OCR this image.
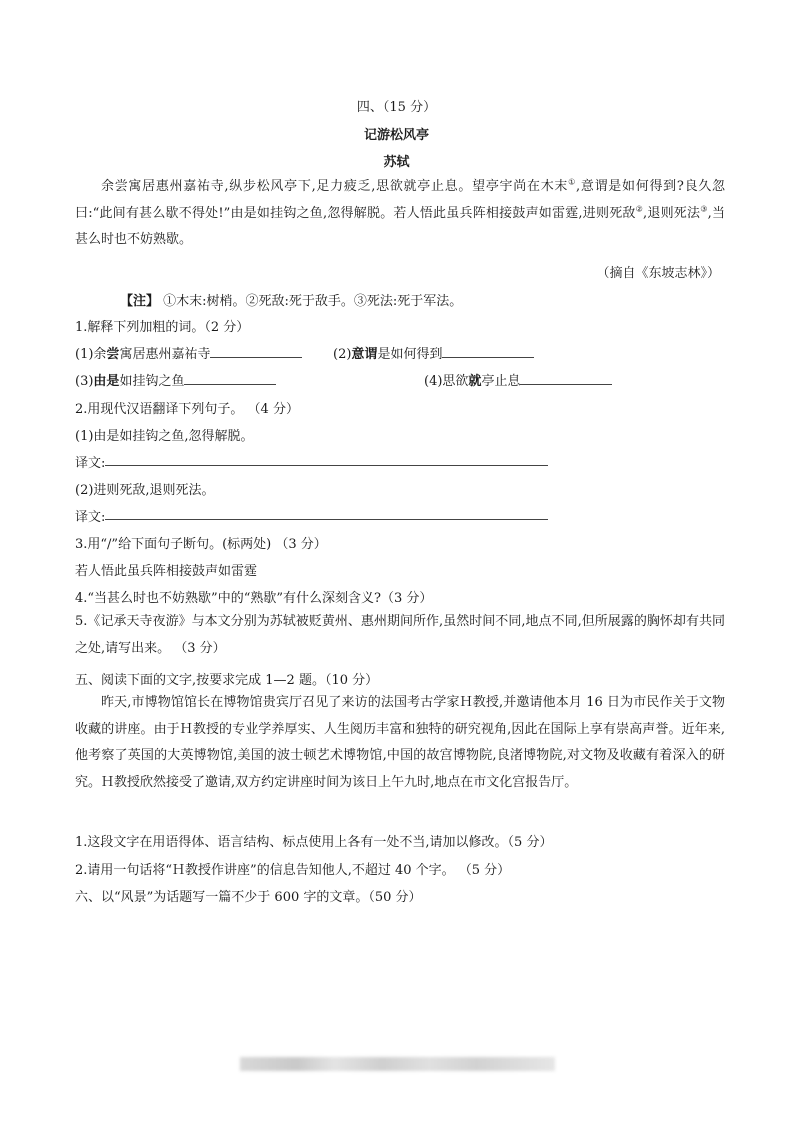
四、（15 分）
记游松风亭
苏轼
余尝寓居惠州嘉祐寺,纵步松风亭下,足力疲乏,思欲就亭止息。望亭宇尚在木末①,意谓是如何得到?良久忽曰:“此间有甚么歇不得处!”由是如挂钩之鱼,忽得解脱。若人悟此虽兵阵相接鼓声如雷霆,进则死敌②,退则死法③,当甚么时也不妨熟歇。
（摘自《东坡志林》）
【注】 ①木末:树梢。②死敌:死于敌手。③死法:死于军法。
1.解释下列加粗的词。（2 分）
(1)余尝寓居惠州嘉祐寺	(2)意谓是如何得到
(3)由是如挂钩之鱼	(4)思欲就亭止息
2.用现代汉语翻译下列句子。 （4 分）
(1)由是如挂钩之鱼,忽得解脱。
译文:
(2)进则死敌,退则死法。
译文:
3.用“/”给下面句子断句。(标两处) （3 分）
若人悟此虽兵阵相接鼓声如雷霆
4.“当甚么时也不妨熟歇”中的“熟歇”有什么深刻含义?（3 分）
5.《记承天寺夜游》与本文分别为苏轼被贬黄州、惠州期间所作,虽然时间不同,地点不同,但所展露的胸怀却有共同之处,请写出来。 （3 分）
五、阅读下面的文字,按要求完成 1—2 题。（10 分）
昨天,市博物馆馆长在博物馆贵宾厅召见了来访的法国考古学家Ｈ教授,并邀请他本月 16 日为市民作关于文物收藏的讲座。由于Ｈ教授的专业学养厚实、人生阅历丰富和独特的研究视角,因此在国际上享有崇高声誉。近年来,他考察了英国的大英博物馆,美国的波士顿艺术博物馆,中国的故宫博物院,良渚博物院,对文物及收藏有着深入的研究。Ｈ教授欣然接受了邀请,双方约定讲座时间为该日上午九时,地点在市文化宫报告厅。
1.这段文字在用语得体、语言结构、标点使用上各有一处不当,请加以修改。（5 分）
2.请用一句话将“Ｈ教授作讲座”的信息告知他人,不超过 40 个字。 （5 分）
六、以“风景”为话题写一篇不少于 600 字的文章。（50 分）
